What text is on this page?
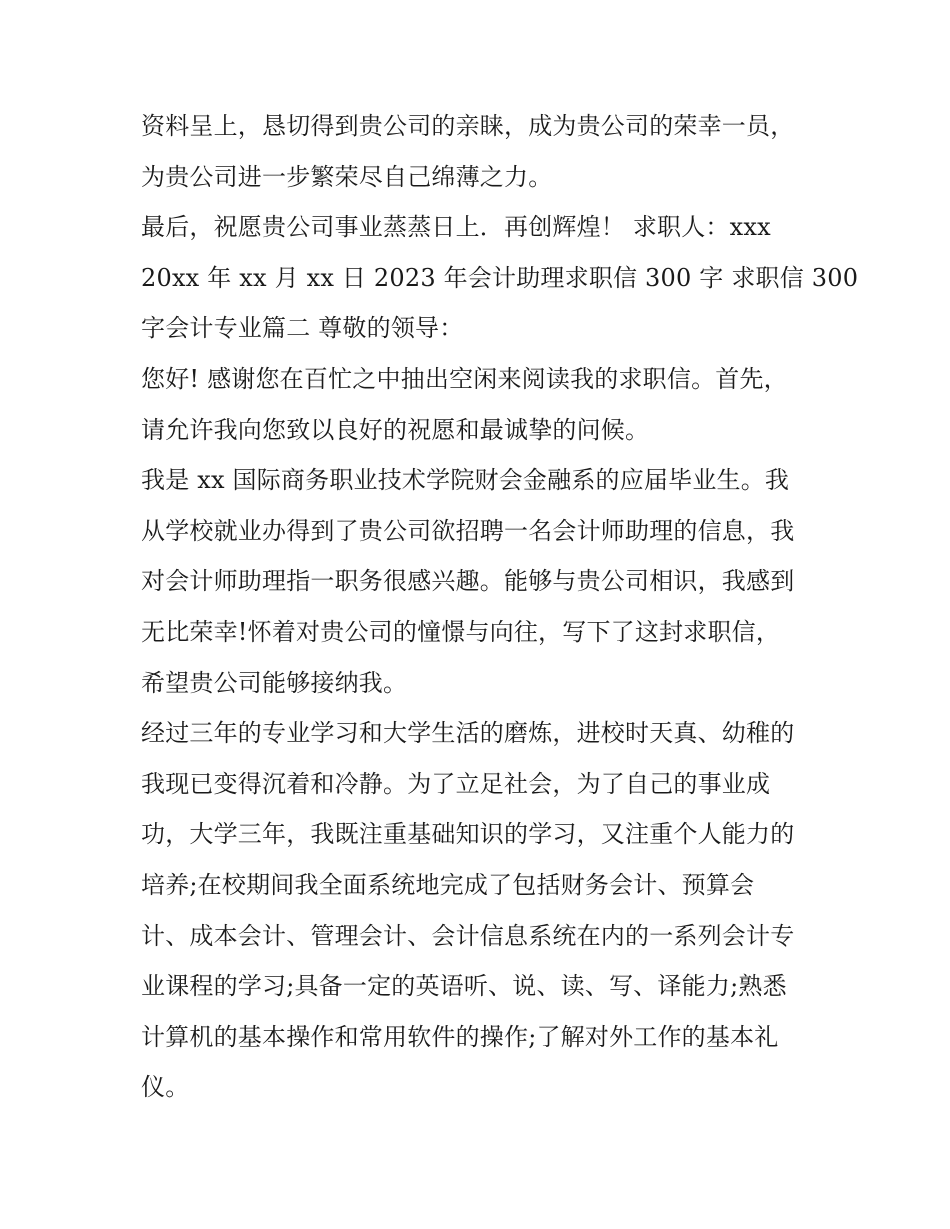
资料呈上，恳切得到贵公司的亲睐，成为贵公司的荣幸一员，
为贵公司进一步繁荣尽自己绵薄之力。
最后，祝愿贵公司事业蒸蒸日上．再创辉煌！ 求职人：xxx
20xx 年 xx 月 xx 日 2023 年会计助理求职信 300 字 求职信 300
字会计专业篇二 尊敬的领导：
您好! 感谢您在百忙之中抽出空闲来阅读我的求职信。首先，
请允许我向您致以良好的祝愿和最诚挚的问候。
我是 xx 国际商务职业技术学院财会金融系的应届毕业生。我
从学校就业办得到了贵公司欲招聘一名会计师助理的信息，我
对会计师助理指一职务很感兴趣。能够与贵公司相识，我感到
无比荣幸!怀着对贵公司的憧憬与向往，写下了这封求职信，
希望贵公司能够接纳我。
经过三年的专业学习和大学生活的磨炼，进校时天真、幼稚的
我现已变得沉着和冷静。为了立足社会，为了自己的事业成
功，大学三年，我既注重基础知识的学习，又注重个人能力的
培养;在校期间我全面系统地完成了包括财务会计、预算会
计、成本会计、管理会计、会计信息系统在内的一系列会计专
业课程的学习;具备一定的英语听、说、读、写、译能力;熟悉
计算机的基本操作和常用软件的操作;了解对外工作的基本礼
仪。
